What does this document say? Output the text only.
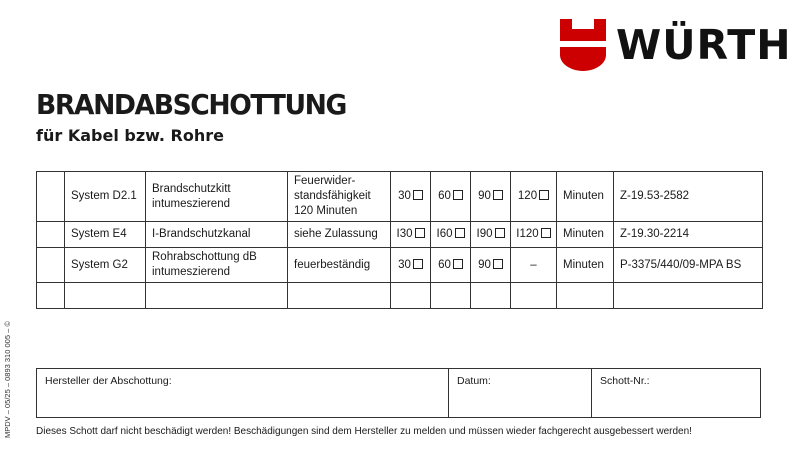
MPDV – 05/25 – 0893 310 005 – ©
WÜRTH
BRANDABSCHOTTUNG
für Kabel bzw. Rohre
	System D2.1	Brandschutzkitt intumeszierend	Feuerwider-standsfähigkeit 120 Minuten	30	60	90	120	Minuten	Z-19.53-2582
	System E4	I-Brandschutzkanal	siehe Zulassung	I30	I60	I90	I120	Minuten	Z-19.30-2214
	System G2	Rohrabschottung dB intumeszierend	feuerbeständig	30	60	90	–	Minuten	P-3375/440/09-MPA BS

Hersteller der Abschottung:	Datum:	Schott-Nr.:
Dieses Schott darf nicht beschädigt werden! Beschädigungen sind dem Hersteller zu melden und müssen wieder fachgerecht ausgebessert werden!
